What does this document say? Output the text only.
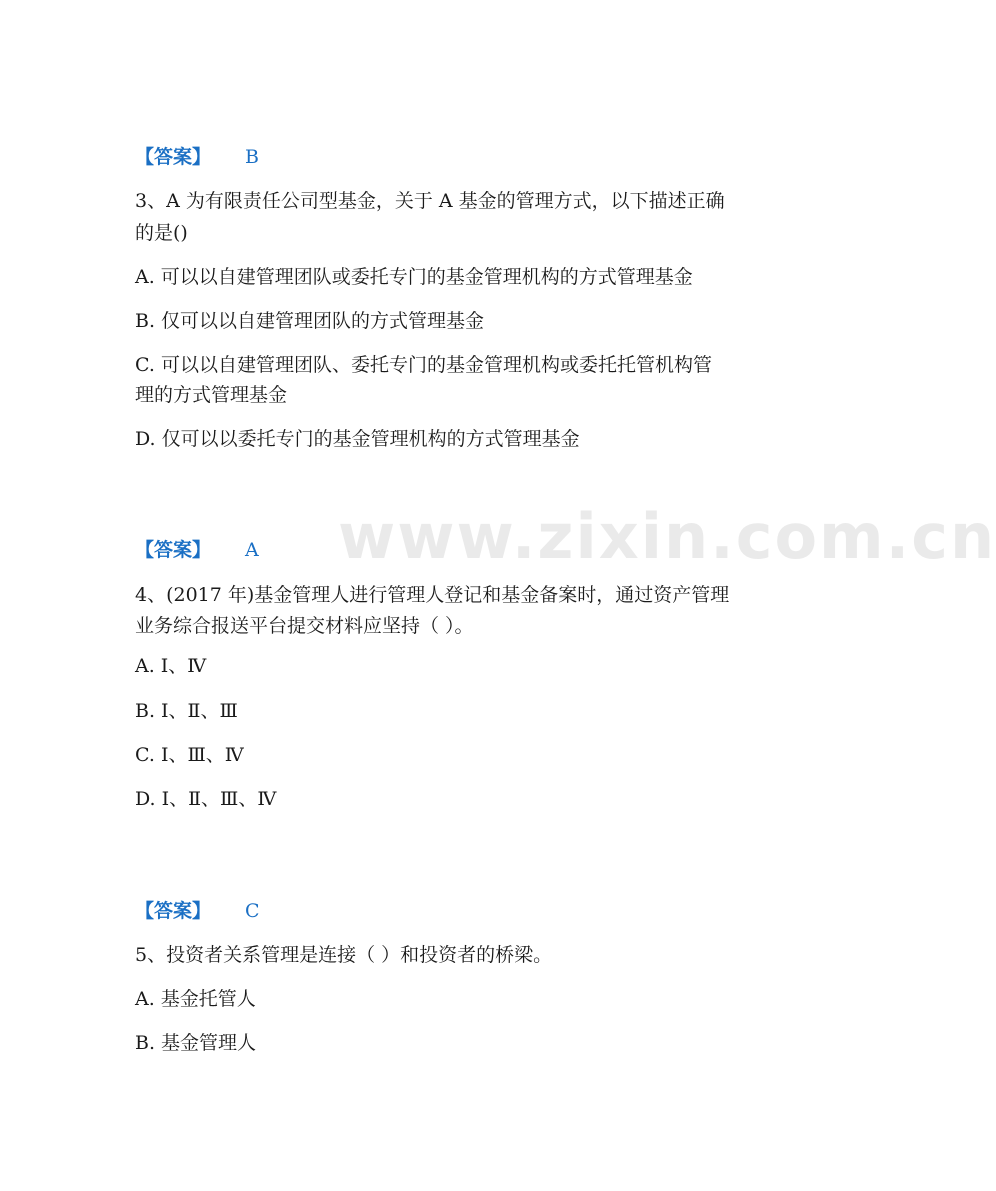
www.zixin.com.cn
【答案】 B
3、A 为有限责任公司型基金，关于 A 基金的管理方式，以下描述正确
的是()
A. 可以以自建管理团队或委托专门的基金管理机构的方式管理基金
B. 仅可以以自建管理团队的方式管理基金
C. 可以以自建管理团队、委托专门的基金管理机构或委托托管机构管
理的方式管理基金
D. 仅可以以委托专门的基金管理机构的方式管理基金
【答案】 A
4、(2017 年)基金管理人进行管理人登记和基金备案时，通过资产管理
业务综合报送平台提交材料应坚持（ ）。
A. Ⅰ、Ⅳ
B. Ⅰ、Ⅱ、Ⅲ
C. Ⅰ、Ⅲ、Ⅳ
D. Ⅰ、Ⅱ、Ⅲ、Ⅳ
【答案】 C
5、投资者关系管理是连接（ ）和投资者的桥梁。
A. 基金托管人
B. 基金管理人
